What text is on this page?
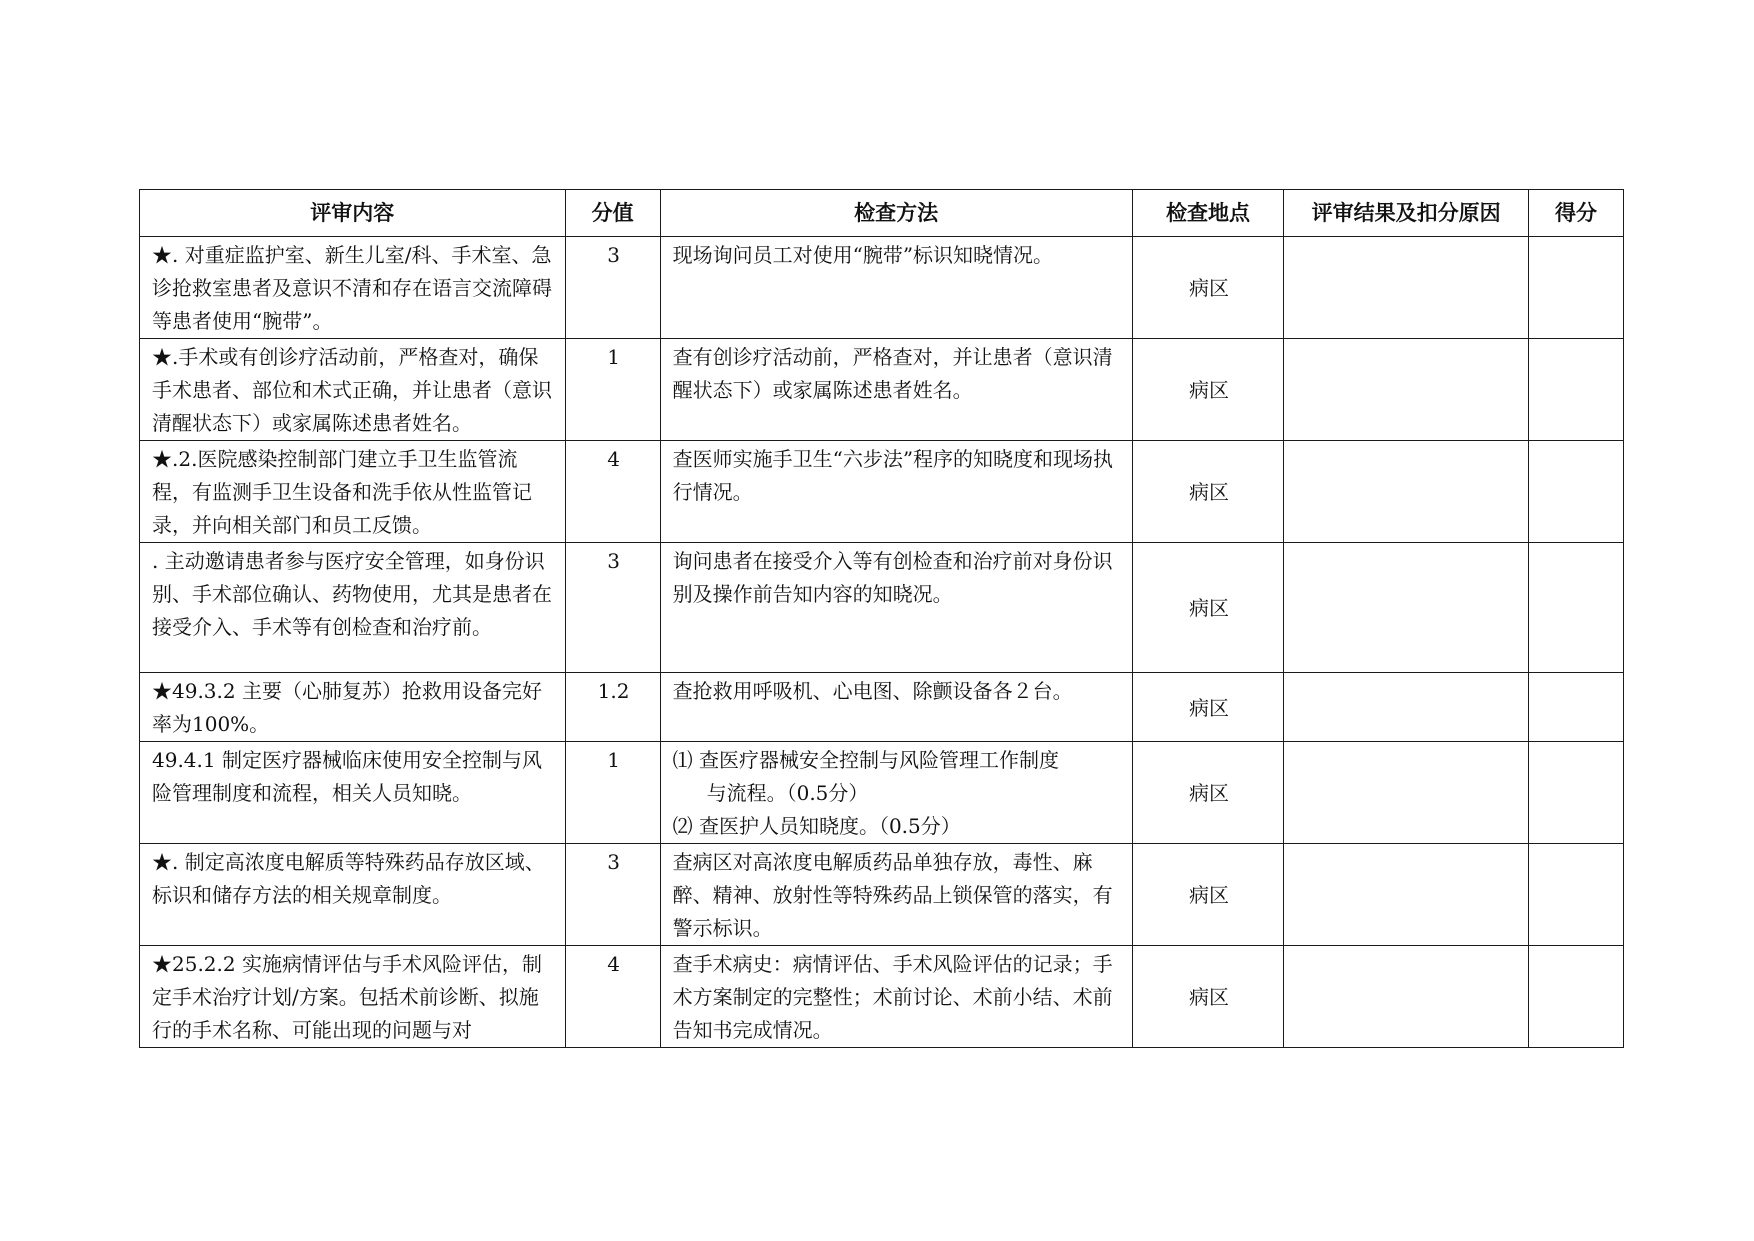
评审内容	分值	检查方法	检查地点	评审结果及扣分原因	得分

★. 对重症监护室、新生儿室/科、手术室、急诊抢救室患者及意识不清和存在语言交流障碍等患者使用“腕带”。	3	现场询问员工对使用“腕带”标识知晓情况。	病区		

★.手术或有创诊疗活动前，严格查对，确保手术患者、部位和术式正确，并让患者（意识清醒状态下）或家属陈述患者姓名。	1	查有创诊疗活动前，严格查对，并让患者（意识清醒状态下）或家属陈述患者姓名。	病区		

★.2.医院感染控制部门建立手卫生监管流程，有监测手卫生设备和洗手依从性监管记录，并向相关部门和员工反馈。	4	查医师实施手卫生“六步法”程序的知晓度和现场执行情况。	病区		

. 主动邀请患者参与医疗安全管理，如身份识别、手术部位确认、药物使用，尤其是患者在接受介入、手术等有创检查和治疗前。	3	询问患者在接受介入等有创检查和治疗前对身份识别及操作前告知内容的知晓况。	病区		

★49.3.2 主要（心肺复苏）抢救用设备完好率为100%。	1.2	查抢救用呼吸机、心电图、除颤设备各２台。	病区		

49.4.1 制定医疗器械临床使用安全控制与风险管理制度和流程，相关人员知晓。	1	⑴ 查医疗器械安全控制与风险管理工作制度
与流程。（0.5分）
⑵ 查医护人员知晓度。（0.5分）	病区		

★. 制定高浓度电解质等特殊药品存放区域、标识和储存方法的相关规章制度。	3	查病区对高浓度电解质药品单独存放，毒性、麻醉、精神、放射性等特殊药品上锁保管的落实，有警示标识。	病区		

★25.2.2 实施病情评估与手术风险评估，制定手术治疗计划/方案。包括术前诊断、拟施行的手术名称、可能出现的问题与对	4	查手术病史：病情评估、手术风险评估的记录；手术方案制定的完整性；术前讨论、术前小结、术前告知书完成情况。	病区		
